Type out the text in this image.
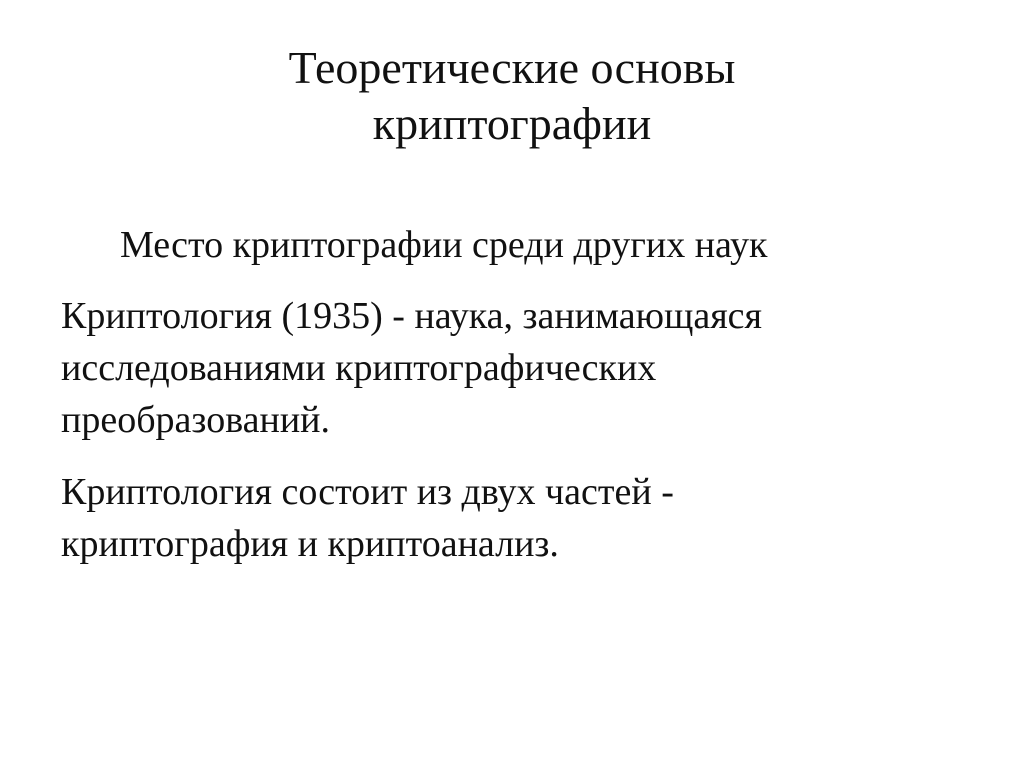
Теоретические основы
криптографии
Место криптографии среди других наук
Криптология (1935) - наука, занимающаяся
исследованиями криптографических
преобразований.
Криптология состоит из двух частей -
криптография и криптоанализ.
